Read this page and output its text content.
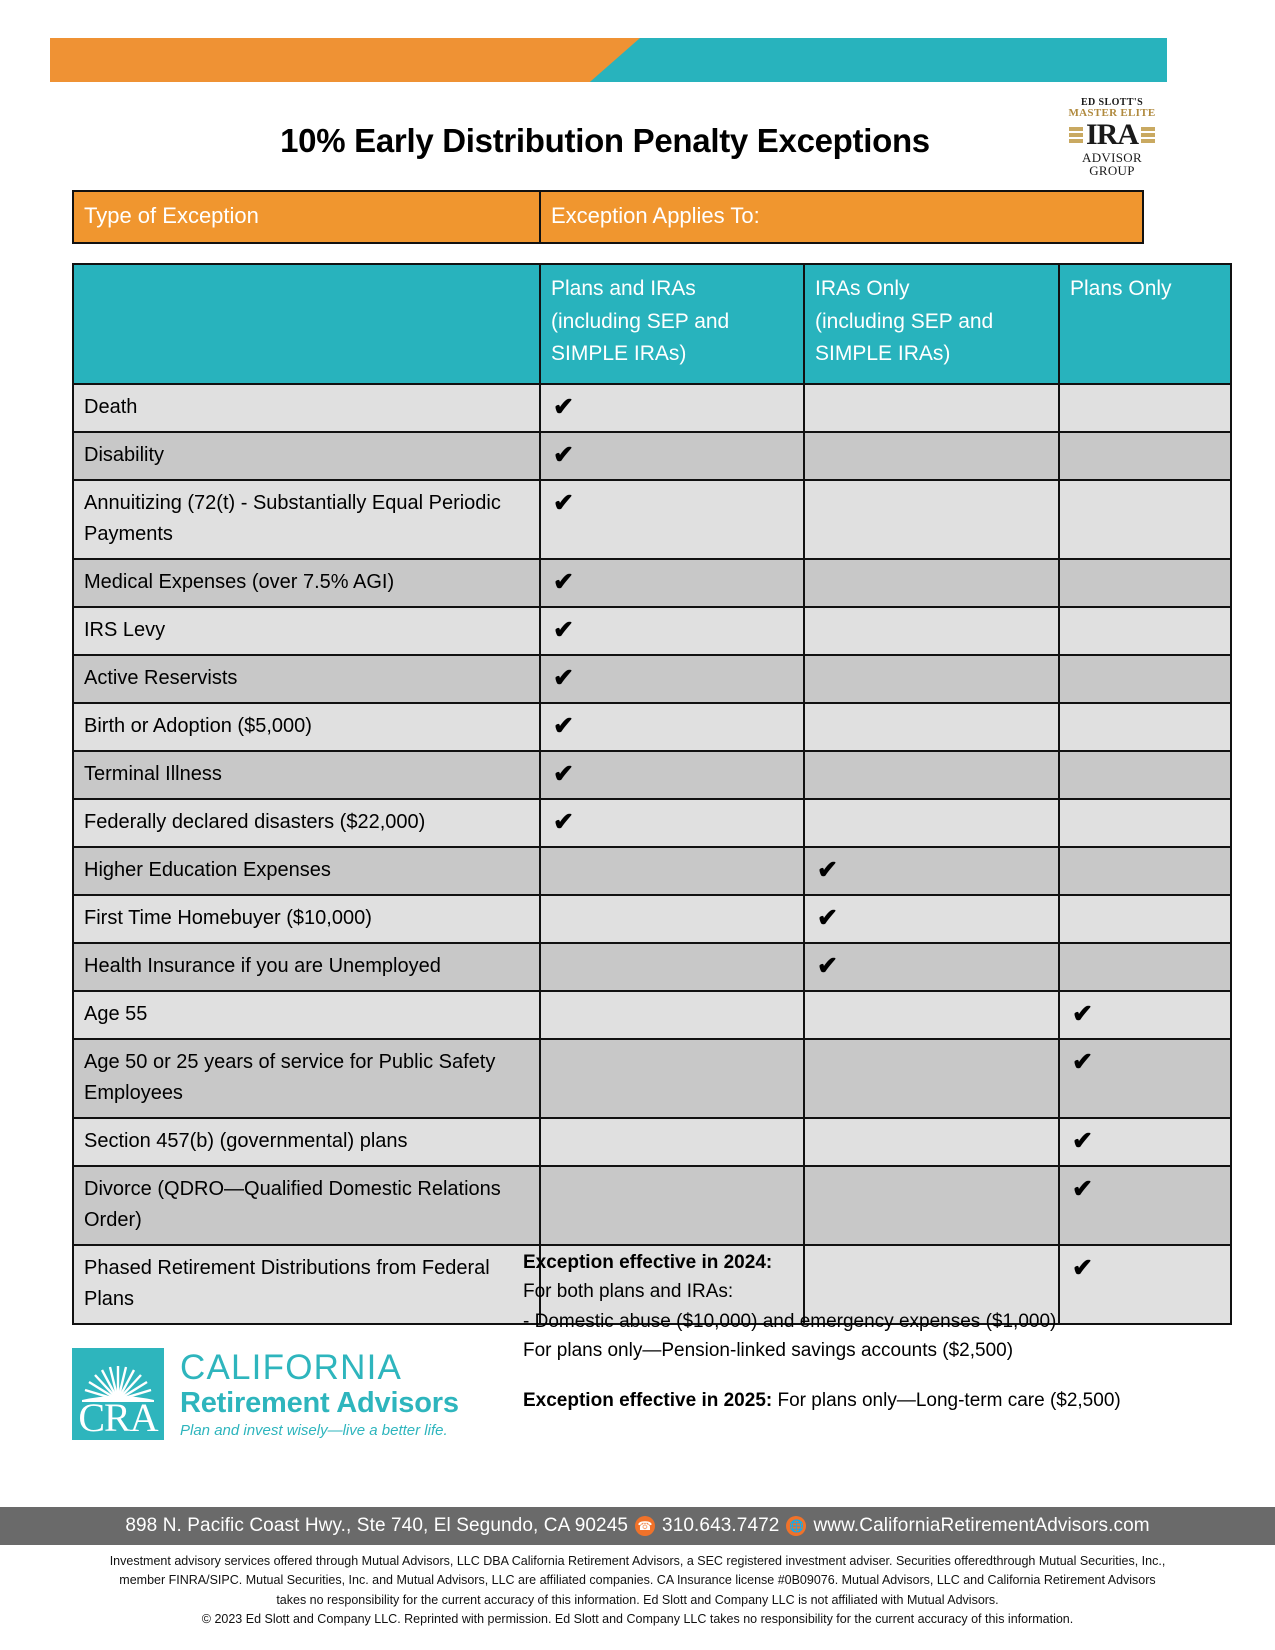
10% Early Distribution Penalty Exceptions
ED SLOTT'S
MASTER ELITE
IRA
ADVISOR
GROUP
Type of Exception	Exception Applies To:
	Plans and IRAs
(including SEP and
SIMPLE IRAs)	IRAs Only
(including SEP and
SIMPLE IRAs)	Plans Only
Death	✔		

Disability	✔		

Annuitizing (72(t) - Substantially Equal Periodic Payments	✔		

Medical Expenses (over 7.5% AGI)	✔		

IRS Levy	✔		

Active Reservists	✔		

Birth or Adoption ($5,000)	✔		

Terminal Illness	✔		

Federally declared disasters ($22,000)	✔		

Higher Education Expenses		✔	

First Time Homebuyer ($10,000)		✔	

Health Insurance if you are Unemployed		✔	

Age 55			✔

Age 50 or 25 years of service for Public Safety Employees			✔

Section 457(b) (governmental) plans			✔

Divorce (QDRO—Qualified Domestic Relations Order)			✔

Phased Retirement Distributions from Federal Plans			✔
Exception effective in 2024:
For both plans and IRAs:
- Domestic abuse ($10,000) and emergency expenses ($1,000)
For plans only—Pension-linked savings accounts ($2,500)
Exception effective in 2025: For plans only—Long-term care ($2,500)
CRA
CALIFORNIA
Retirement Advisors
Plan and invest wisely—live a better life.
898 N. Pacific Coast Hwy., Ste 740, El Segundo, CA 90245 ☎ 310.643.7472 🌐 www.CaliforniaRetirementAdvisors.com
Investment advisory services offered through Mutual Advisors, LLC DBA California Retirement Advisors, a SEC registered investment adviser. Securities offeredthrough Mutual Securities, Inc.,
member FINRA/SIPC. Mutual Securities, Inc. and Mutual Advisors, LLC are affiliated companies. CA Insurance license #0B09076. Mutual Advisors, LLC and California Retirement Advisors
takes no responsibility for the current accuracy of this information. Ed Slott and Company LLC is not affiliated with Mutual Advisors.
© 2023 Ed Slott and Company LLC. Reprinted with permission. Ed Slott and Company LLC takes no responsibility for the current accuracy of this information.
